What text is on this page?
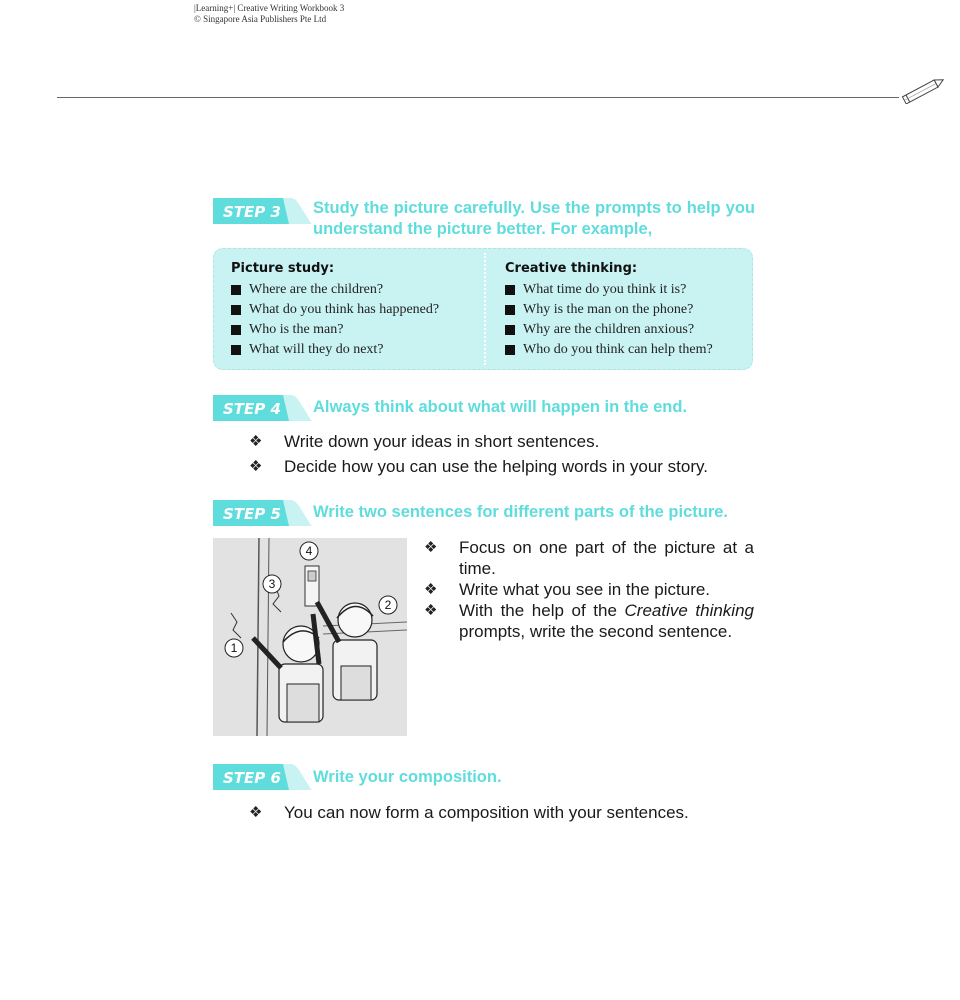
|Learning+| Creative Writing Workbook 3
© Singapore Asia Publishers Pte Ltd
STEP 3 Study the picture carefully. Use the prompts to help you understand the picture better. For example,
Picture study:
Where are the children?
What do you think has happened?
Who is the man?
What will they do next?
Creative thinking:
What time do you think it is?
Why is the man on the phone?
Why are the children anxious?
Who do you think can help them?
STEP 4 Always think about what will happen in the end.
❖	Write down your ideas in short sentences.
❖	Decide how you can use the helping words in your story.
STEP 5 Write two sentences for different parts of the picture.
1
2
3
4	❖	Focus on one part of the picture at a time.
❖	Write what you see in the picture.
❖	With the help of the Creative thinking prompts, write the second sentence.
STEP 6 Write your composition.
❖	You can now form a composition with your sentences.
